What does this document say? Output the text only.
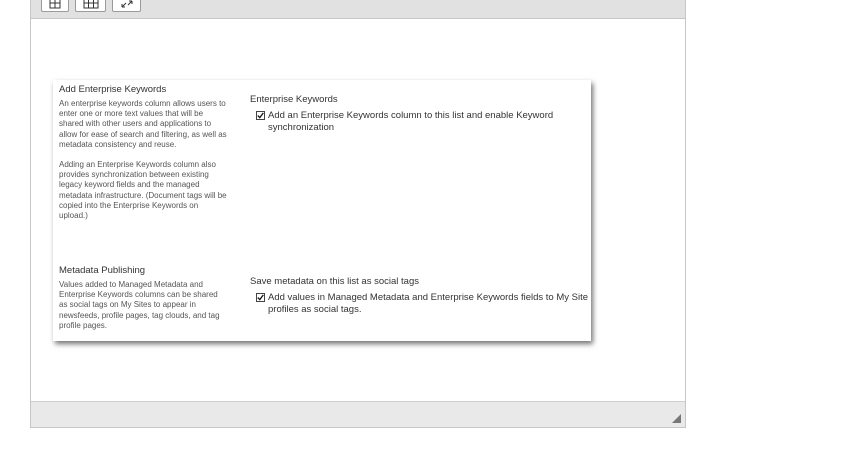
Add Enterprise Keywords

An enterprise keywords column allows users to enter one or more text values that will be shared with other users and applications to allow for ease of search and filtering, as well as metadata consistency and reuse.

Adding an Enterprise Keywords column also provides synchronization between existing legacy keyword fields and the managed metadata infrastructure. (Document tags will be copied into the Enterprise Keywords on upload.)

Metadata Publishing

Values added to Managed Metadata and Enterprise Keywords columns can be shared as social tags on My Sites to appear in newsfeeds, profile pages, tag clouds, and tag profile pages.

Enterprise Keywords
Add an Enterprise Keywords column to this list and enable Keyword synchronization
Save metadata on this list as social tags
Add values in Managed Metadata and Enterprise Keywords fields to My Site profiles as social tags.
